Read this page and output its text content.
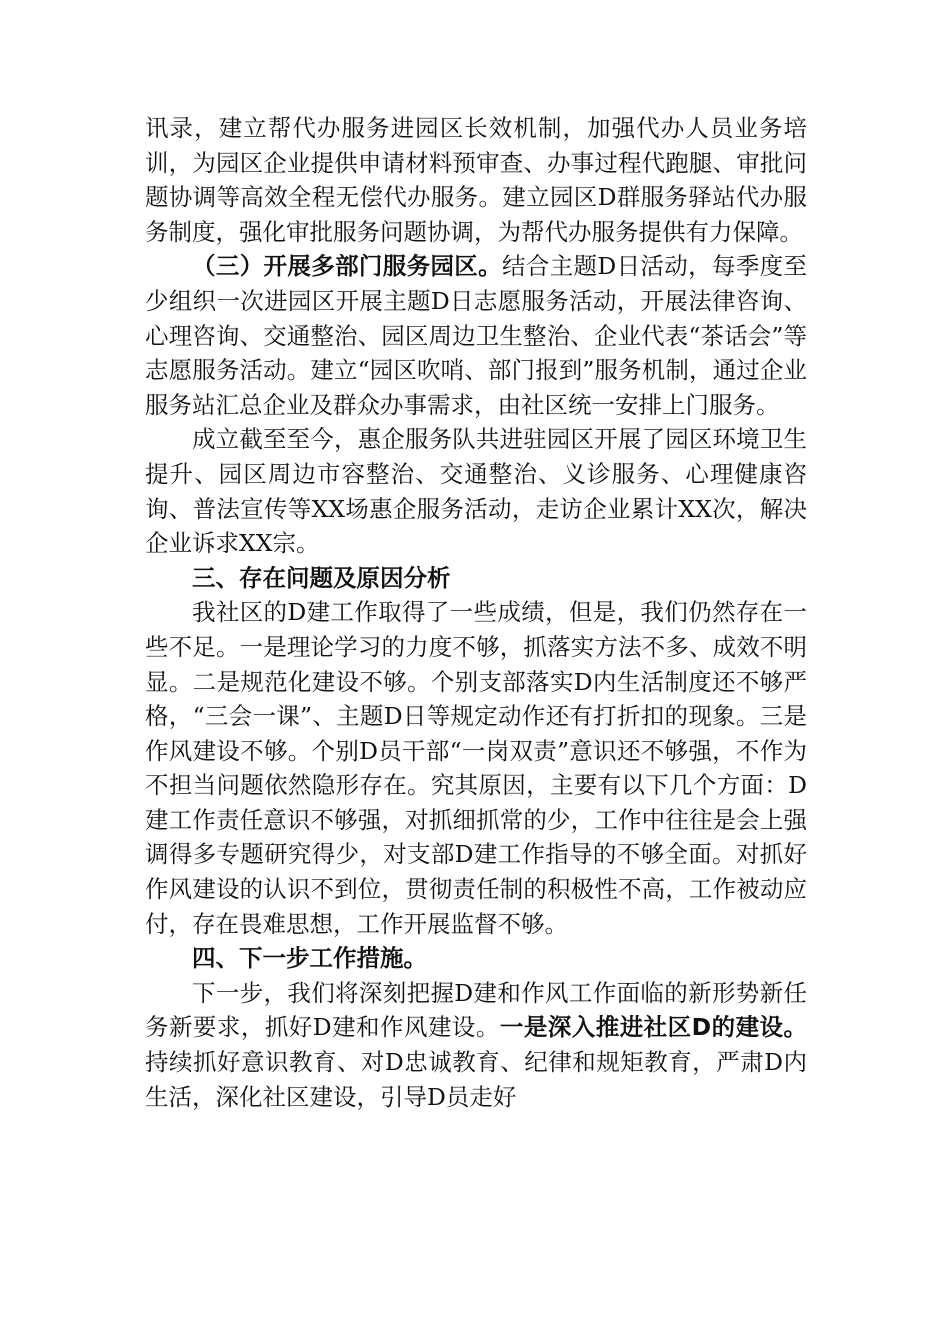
讯录，建立帮代办服务进园区长效机制，加强代办人员业务培训，为园区企业提供申请材料预审查、办事过程代跑腿、审批问题协调等高效全程无偿代办服务。建立园区D群服务驿站代办服务制度，强化审批服务问题协调，为帮代办服务提供有力保障。

（三）开展多部门服务园区。结合主题D日活动，每季度至少组织一次进园区开展主题D日志愿服务活动，开展法律咨询、心理咨询、交通整治、园区周边卫生整治、企业代表“茶话会”等志愿服务活动。建立“园区吹哨、部门报到”服务机制，通过企业服务站汇总企业及群众办事需求，由社区统一安排上门服务。

成立截至至今，惠企服务队共进驻园区开展了园区环境卫生提升、园区周边市容整治、交通整治、义诊服务、心理健康咨询、普法宣传等XX场惠企服务活动，走访企业累计XX次，解决企业诉求XX宗。

三、存在问题及原因分析

我社区的D建工作取得了一些成绩，但是，我们仍然存在一些不足。一是理论学习的力度不够，抓落实方法不多、成效不明显。二是规范化建设不够。个别支部落实D内生活制度还不够严格，“三会一课”、主题D日等规定动作还有打折扣的现象。三是作风建设不够。个别D员干部“一岗双责”意识还不够强，不作为不担当问题依然隐形存在。究其原因，主要有以下几个方面：D建工作责任意识不够强，对抓细抓常的少，工作中往往是会上强调得多专题研究得少，对支部D建工作指导的不够全面。对抓好作风建设的认识不到位，贯彻责任制的积极性不高，工作被动应付，存在畏难思想，工作开展监督不够。

四、下一步工作措施。

下一步，我们将深刻把握D建和作风工作面临的新形势新任务新要求，抓好D建和作风建设。一是深入推进社区D的建设。持续抓好意识教育、对D忠诚教育、纪律和规矩教育，严肃D内生活，深化社区建设，引导D员走好
